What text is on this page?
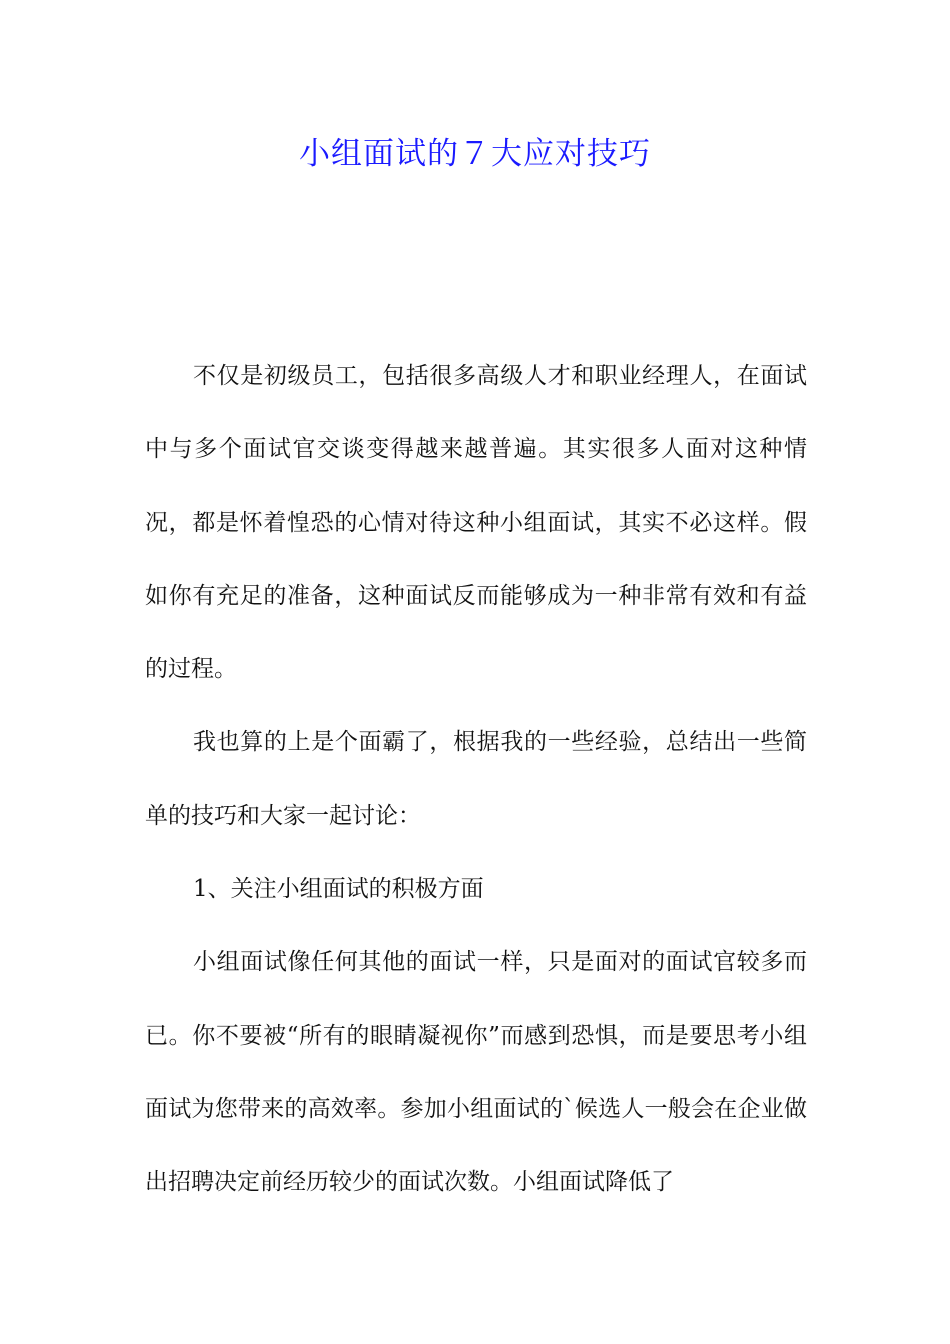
小组面试的７大应对技巧

不仅是初级员工，包括很多高级人才和职业经理人，在面试中与多个面试官交谈变得越来越普遍。其实很多人面对这种情况，都是怀着惶恐的心情对待这种小组面试，其实不必这样。假如你有充足的准备，这种面试反而能够成为一种非常有效和有益的过程。

我也算的上是个面霸了，根据我的一些经验，总结出一些简单的技巧和大家一起讨论：

1、关注小组面试的积极方面

小组面试像任何其他的面试一样，只是面对的面试官较多而已。你不要被“所有的眼睛凝视你”而感到恐惧，而是要思考小组面试为您带来的高效率。参加小组面试的`候选人一般会在企业做出招聘决定前经历较少的面试次数。小组面试降低了
